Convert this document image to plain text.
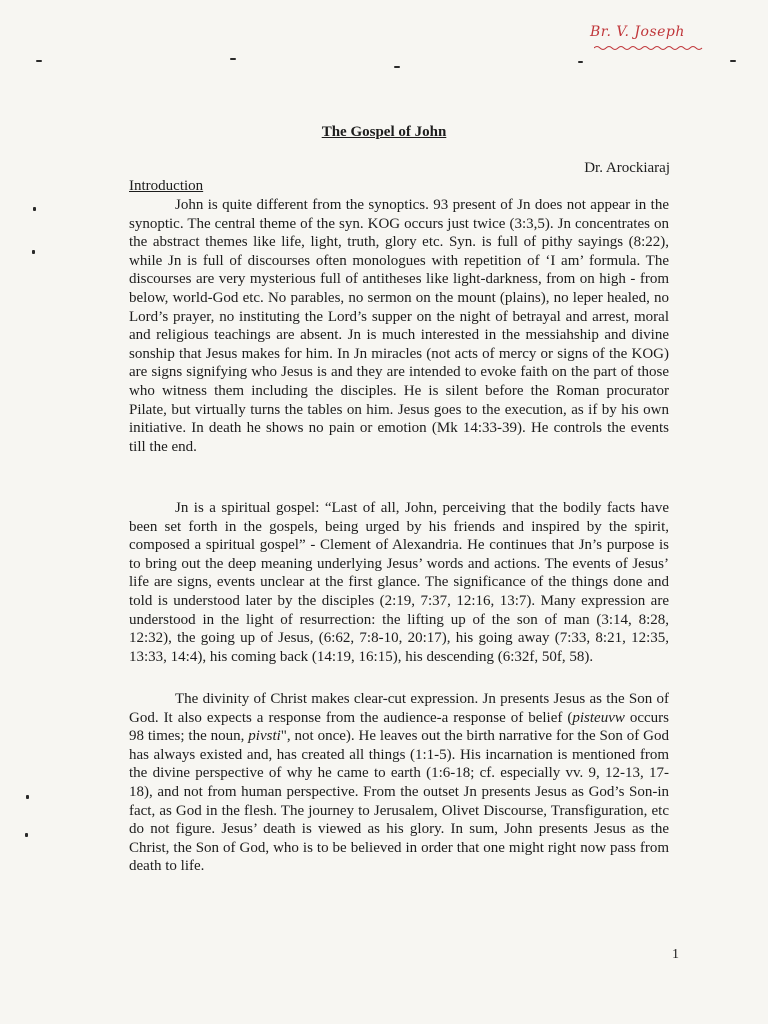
Br. V. Joseph
The Gospel of John
Dr. Arockiaraj
Introduction

John is quite different from the synoptics. 93 present of Jn does not appear in the synoptic. The central theme of the syn. KOG occurs just twice (3:3,5). Jn concentrates on the abstract themes like life, light, truth, glory etc. Syn. is full of pithy sayings (8:22), while Jn is full of discourses often monologues with repetition of ‘I am’ formula. The discourses are very mysterious full of antitheses like light-darkness, from on high - from below, world-God etc. No parables, no sermon on the mount (plains), no leper healed, no Lord’s prayer, no instituting the Lord’s supper on the night of betrayal and arrest, moral and religious teachings are absent. Jn is much interested in the messiahship and divine sonship that Jesus makes for him. In Jn miracles (not acts of mercy or signs of the KOG) are signs signifying who Jesus is and they are intended to evoke faith on the part of those who witness them including the disciples. He is silent before the Roman procurator Pilate, but virtually turns the tables on him. Jesus goes to the execution, as if by his own initiative. In death he shows no pain or emotion (Mk 14:33-39). He controls the events till the end.

Jn is a spiritual gospel: “Last of all, John, perceiving that the bodily facts have been set forth in the gospels, being urged by his friends and inspired by the spirit, composed a spiritual gospel” - Clement of Alexandria. He continues that Jn’s purpose is to bring out the deep meaning underlying Jesus’ words and actions. The events of Jesus’ life are signs, events unclear at the first glance. The significance of the things done and told is understood later by the disciples (2:19, 7:37, 12:16, 13:7). Many expression are understood in the light of resurrection: the lifting up of the son of man (3:14, 8:28, 12:32), the going up of Jesus, (6:62, 7:8-10, 20:17), his going away (7:33, 8:21, 12:35, 13:33, 14:4), his coming back (14:19, 16:15), his descending (6:32f, 50f, 58).

The divinity of Christ makes clear-cut expression. Jn presents Jesus as the Son of God. It also expects a response from the audience-a response of belief (pisteuvw occurs 98 times; the noun, pivsti", not once). He leaves out the birth narrative for the Son of God has always existed and, has created all things (1:1-5). His incarnation is mentioned from the divine perspective of why he came to earth (1:6-18; cf. especially vv. 9, 12-13, 17-18), and not from human perspective. From the outset Jn presents Jesus as God’s Son-in fact, as God in the flesh. The journey to Jerusalem, Olivet Discourse, Transfiguration, etc do not figure. Jesus’ death is viewed as his glory. In sum, John presents Jesus as the Christ, the Son of God, who is to be believed in order that one might right now pass from death to life.

1
